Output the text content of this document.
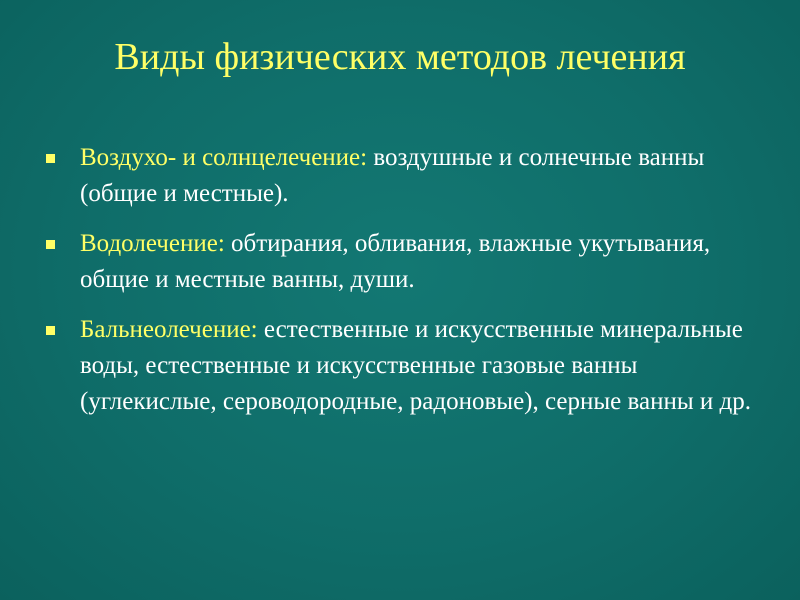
Виды физических методов лечения
Воздухо- и солнцелечение: воздушные и солнечные ванны (общие и местные).
Водолечение: обтирания, обливания, влажные укутывания, общие и местные ванны, души.
Бальнеолечение: естественные и искусственные минеральные воды, естественные и искусственные газовые ванны (углекислые, сероводородные, радоновые), серные ванны и др.
